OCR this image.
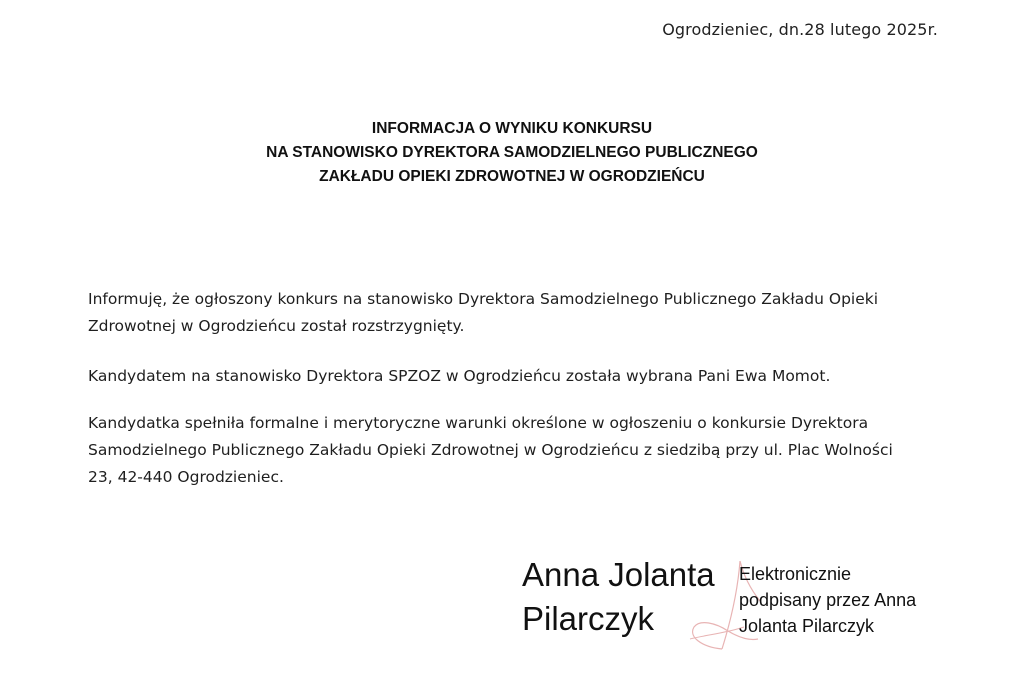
Ogrodzieniec, dn.28 lutego 2025r.
INFORMACJA O WYNIKU KONKURSU
NA STANOWISKO DYREKTORA SAMODZIELNEGO PUBLICZNEGO
ZAKŁADU OPIEKI ZDROWOTNEJ W OGRODZIEŃCU

Informuję, że ogłoszony konkurs na stanowisko Dyrektora Samodzielnego Publicznego Zakładu Opieki

Zdrowotnej w Ogrodzieńcu został rozstrzygnięty.

Kandydatem na stanowisko Dyrektora SPZOZ w Ogrodzieńcu została wybrana Pani Ewa Momot.

Kandydatka spełniła formalne i merytoryczne warunki określone w ogłoszeniu o konkursie Dyrektora

Samodzielnego Publicznego Zakładu Opieki Zdrowotnej w Ogrodzieńcu z siedzibą przy ul. Plac Wolności

23, 42-440 Ogrodzieniec.

Anna Jolanta
Pilarczyk
Elektronicznie
podpisany przez Anna
Jolanta Pilarczyk
